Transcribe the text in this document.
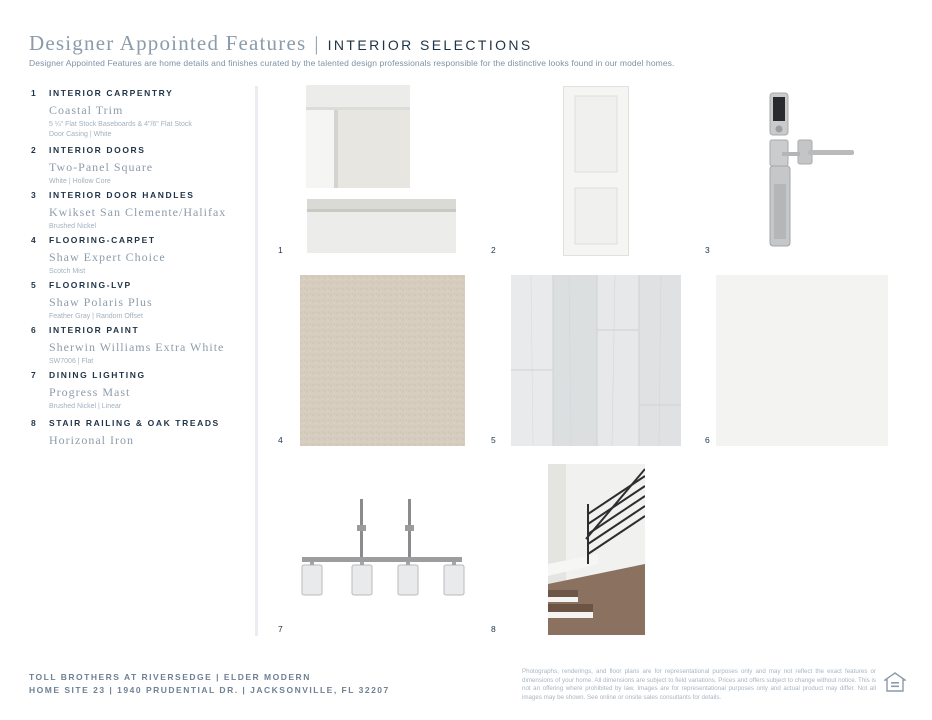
Designer Appointed Features | INTERIOR SELECTIONS
Designer Appointed Features are home details and finishes curated by the talented design professionals responsible for the distinctive looks found in our model homes.
1 INTERIOR CARPENTRY
Coastal Trim
5 ¼" Flat Stock Baseboards & 4"/6" Flat Stock
Door Casing | White
2 INTERIOR DOORS
Two-Panel Square
White | Hollow Core
3 INTERIOR DOOR HANDLES
Kwikset San Clemente/Halifax
Brushed Nickel
4 FLOORING-CARPET
Shaw Expert Choice
Scotch Mist
5 FLOORING-LVP
Shaw Polaris Plus
Feather Gray | Random Offset
6 INTERIOR PAINT
Sherwin Williams Extra White
SW7006 | Flat
7 DINING LIGHTING
Progress Mast
Brushed Nickel | Linear
8 STAIR RAILING & OAK TREADS
Horizonal Iron
1	2	3
4	5	6
7	8
TOLL BROTHERS AT RIVERSEDGE | ELDER MODERN
HOME SITE 23 | 1940 PRUDENTIAL DR. | JACKSONVILLE, FL 32207
Photographs, renderings, and floor plans are for representational purposes only and may not reflect the exact features or dimensions of your home. All dimensions are subject to field variations. Prices and offers subject to change without notice. This is not an offering where prohibited by law. Images are for representational purposes only and actual product may differ. Not all images may be shown. See online or onsite sales consultants for details.
